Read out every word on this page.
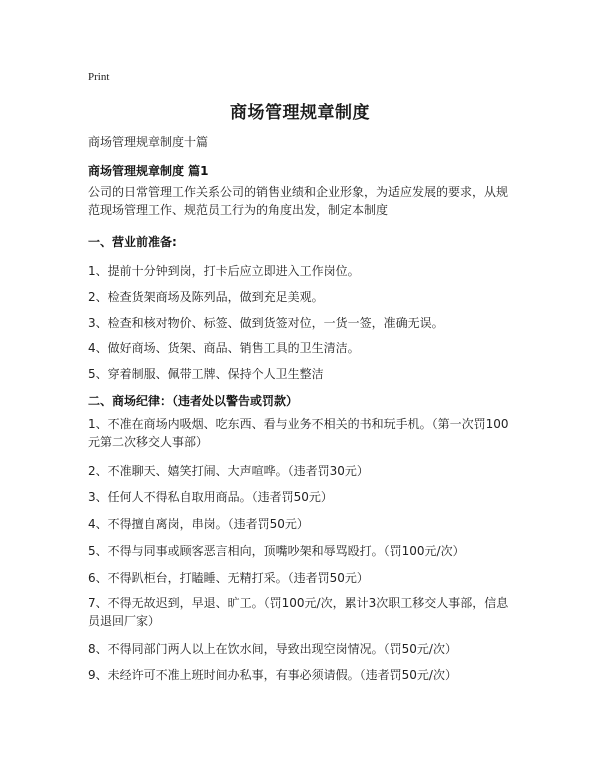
Print
商场管理规章制度
商场管理规章制度十篇
商场管理规章制度 篇1
公司的日常管理工作关系公司的销售业绩和企业形象，为适应发展的要求，从规范现场管理工作、规范员工行为的角度出发，制定本制度
一、营业前准备:
1、提前十分钟到岗，打卡后应立即进入工作岗位。
2、检查货架商场及陈列品，做到充足美观。
3、检查和核对物价、标签、做到货签对位，一货一签，准确无误。
4、做好商场、货架、商品、销售工具的卫生清洁。
5、穿着制服、佩带工牌、保持个人卫生整洁
二、商场纪律：（违者处以警告或罚款）
1、不准在商场内吸烟、吃东西、看与业务不相关的书和玩手机。（第一次罚100元第二次移交人事部）
2、不准聊天、嬉笑打闹、大声喧哗。（违者罚30元）
3、任何人不得私自取用商品。（违者罚50元）
4、不得擅自离岗，串岗。（违者罚50元）
5、不得与同事或顾客恶言相向，顶嘴吵架和辱骂殴打。（罚100元/次）
6、不得趴柜台，打瞌睡、无精打采。（违者罚50元）
7、不得无故迟到，早退、旷工。（罚100元/次，累计3次职工移交人事部，信息员退回厂家）
8、不得同部门两人以上在饮水间，导致出现空岗情况。（罚50元/次）
9、未经许可不准上班时间办私事，有事必须请假。（违者罚50元/次）
